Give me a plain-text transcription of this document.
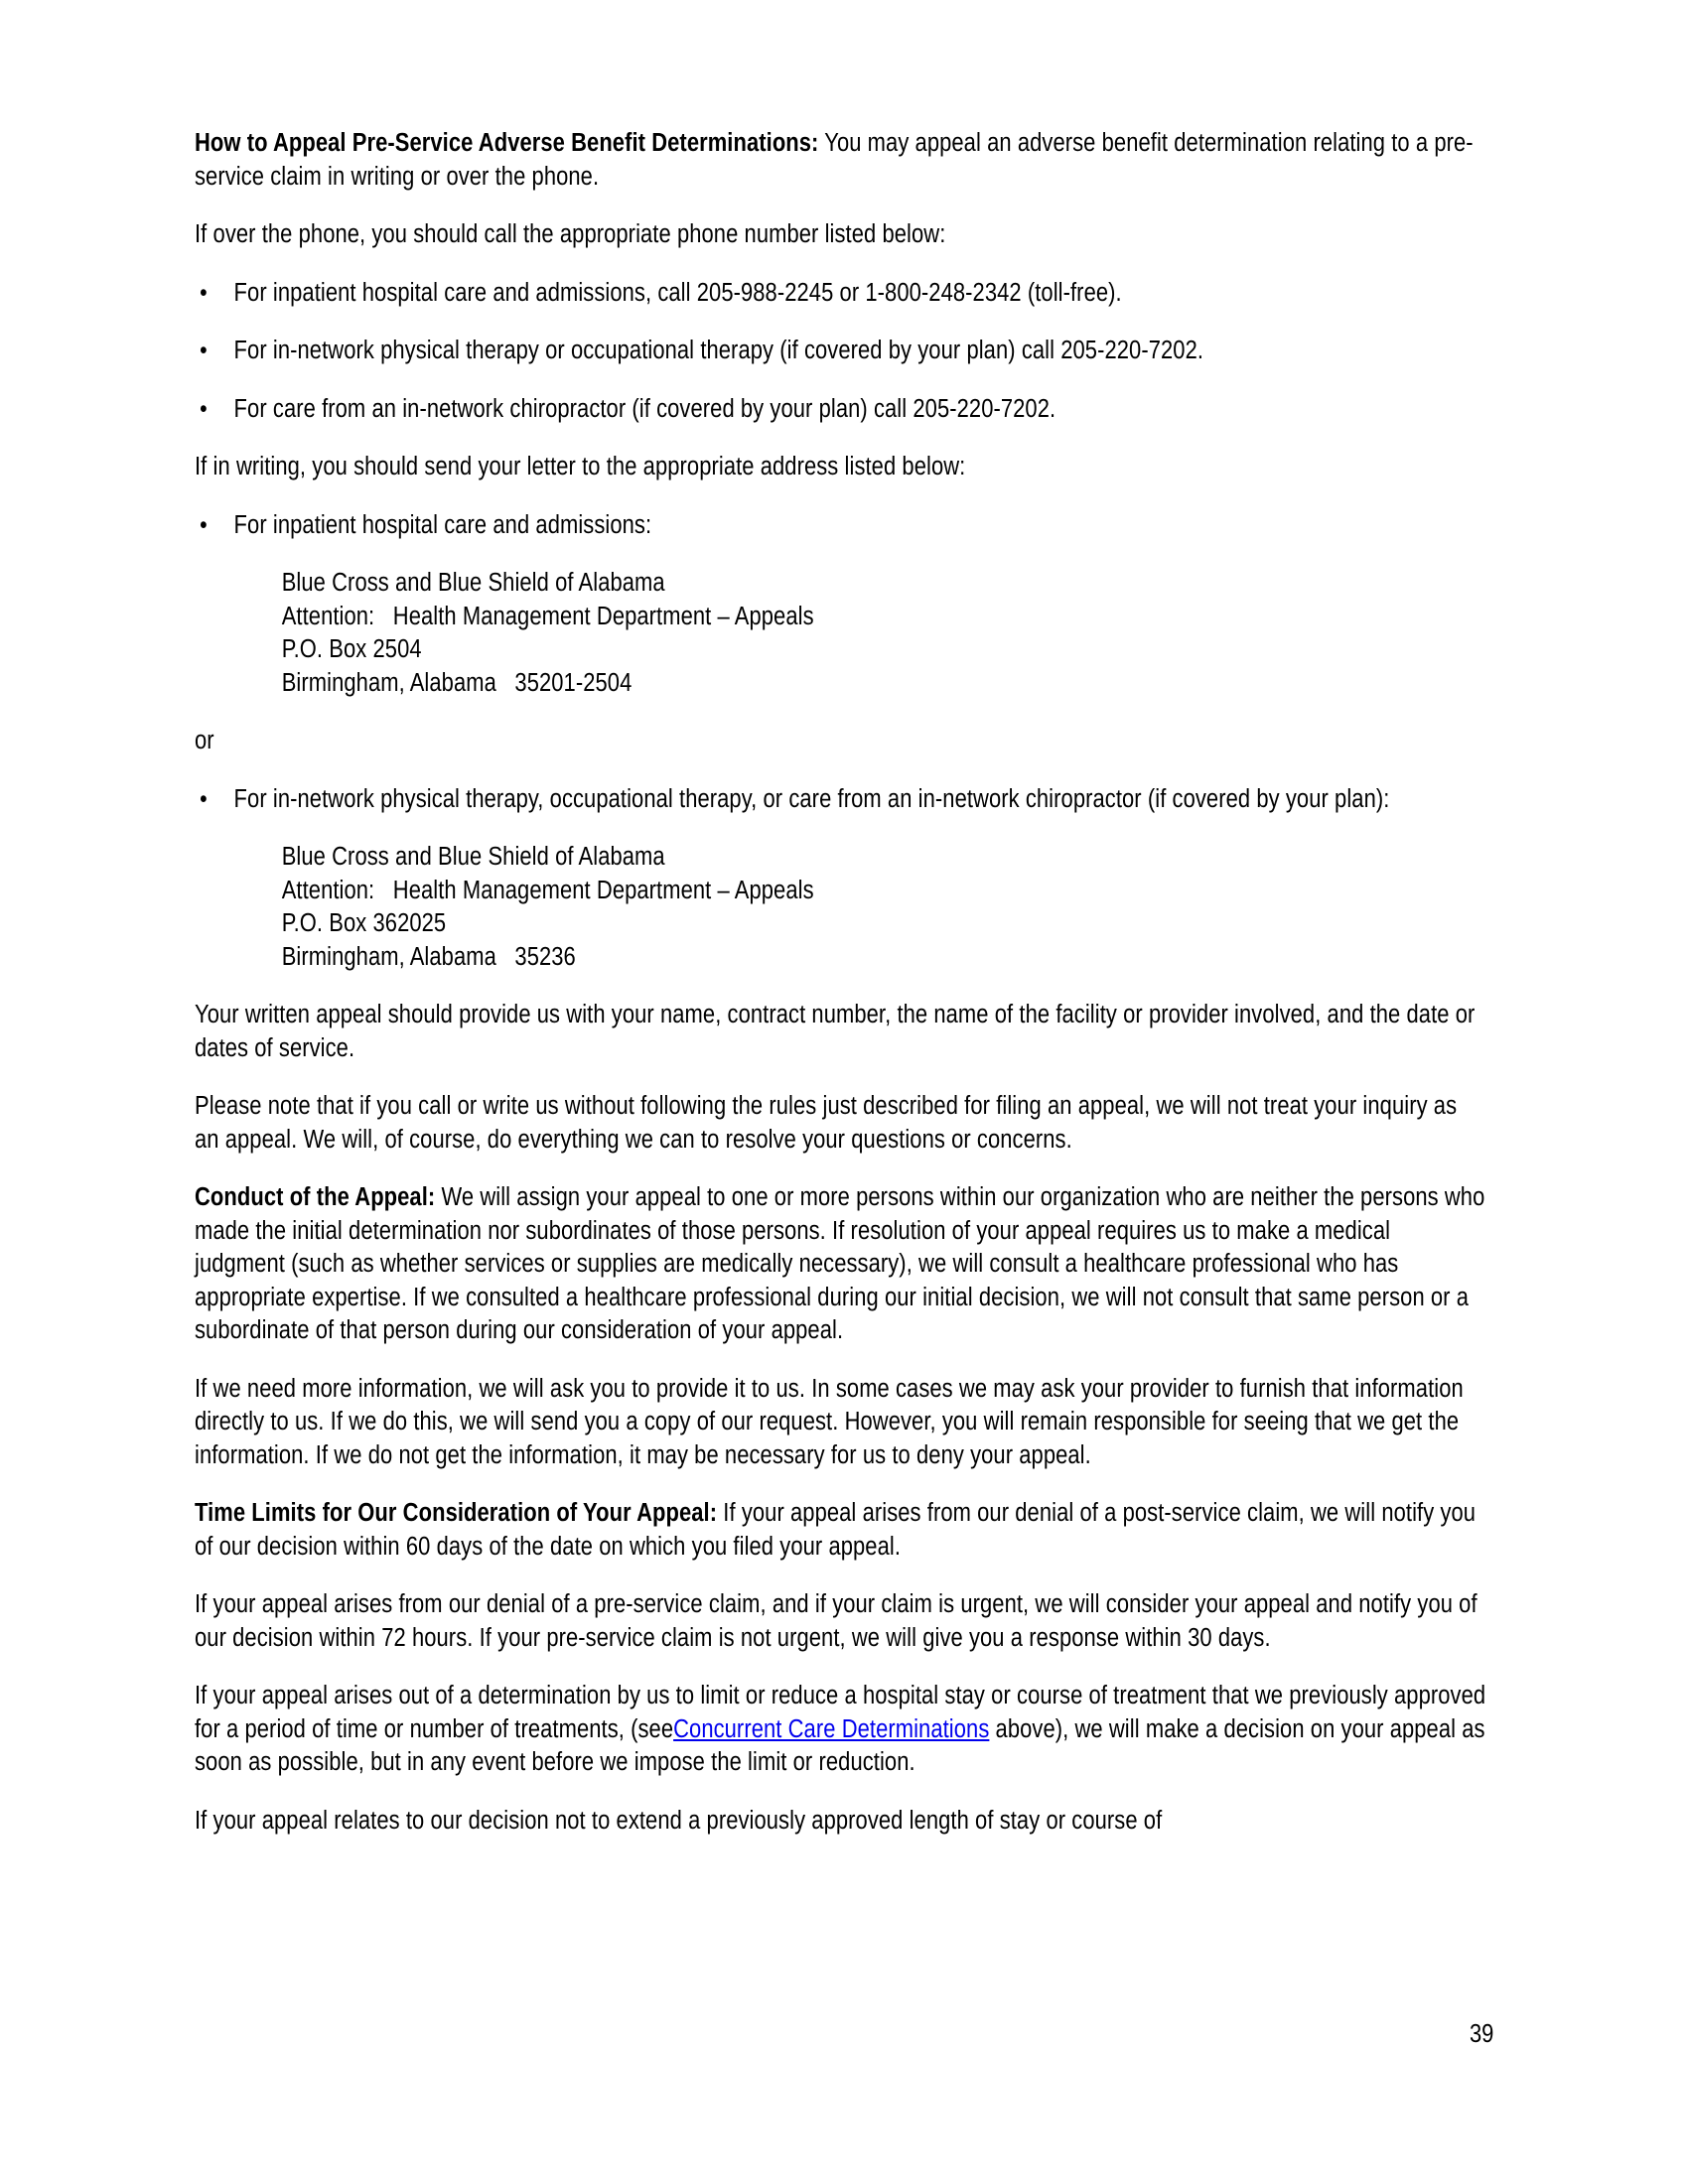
How to Appeal Pre-Service Adverse Benefit Determinations: You may appeal an adverse benefit determination relating to a pre-service claim in writing or over the phone.

If over the phone, you should call the appropriate phone number listed below:

•	For inpatient hospital care and admissions, call 205-988-2245 or 1-800-248-2342 (toll-free).
•	For in-network physical therapy or occupational therapy (if covered by your plan) call 205-220-7202.
•	For care from an in-network chiropractor (if covered by your plan) call 205-220-7202.

If in writing, you should send your letter to the appropriate address listed below:

•	For inpatient hospital care and admissions:
Blue Cross and Blue Shield of Alabama
Attention:   Health Management Department – Appeals
P.O. Box 2504
Birmingham, Alabama   35201-2504

or

•	For in-network physical therapy, occupational therapy, or care from an in-network chiropractor (if covered by your plan):
Blue Cross and Blue Shield of Alabama
Attention:   Health Management Department – Appeals
P.O. Box 362025
Birmingham, Alabama   35236

Your written appeal should provide us with your name, contract number, the name of the facility or provider involved, and the date or dates of service.

Please note that if you call or write us without following the rules just described for filing an appeal, we will not treat your inquiry as an appeal. We will, of course, do everything we can to resolve your questions or concerns.

Conduct of the Appeal: We will assign your appeal to one or more persons within our organization who are neither the persons who made the initial determination nor subordinates of those persons. If resolution of your appeal requires us to make a medical judgment (such as whether services or supplies are medically necessary), we will consult a healthcare professional who has appropriate expertise. If we consulted a healthcare professional during our initial decision, we will not consult that same person or a subordinate of that person during our consideration of your appeal.

If we need more information, we will ask you to provide it to us. In some cases we may ask your provider to furnish that information directly to us. If we do this, we will send you a copy of our request. However, you will remain responsible for seeing that we get the information. If we do not get the information, it may be necessary for us to deny your appeal.

Time Limits for Our Consideration of Your Appeal: If your appeal arises from our denial of a post-service claim, we will notify you of our decision within 60 days of the date on which you filed your appeal.

If your appeal arises from our denial of a pre-service claim, and if your claim is urgent, we will consider your appeal and notify you of our decision within 72 hours. If your pre-service claim is not urgent, we will give you a response within 30 days.

If your appeal arises out of a determination by us to limit or reduce a hospital stay or course of treatment that we previously approved for a period of time or number of treatments, (seeConcurrent Care Determinations above), we will make a decision on your appeal as soon as possible, but in any event before we impose the limit or reduction.

If your appeal relates to our decision not to extend a previously approved length of stay or course of

39
